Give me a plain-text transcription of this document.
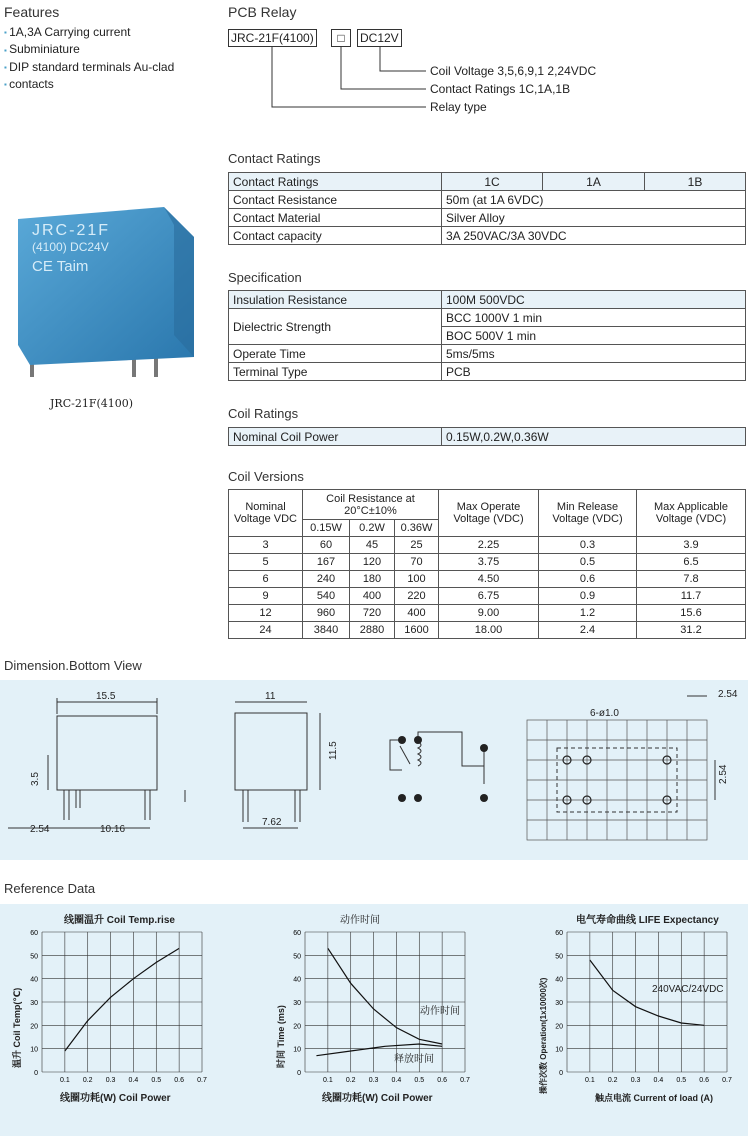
Features
▪ 1A,3A Carrying current
▪ Subminiature
▪ DIP standard terminals Au-clad
▪ contacts
PCB Relay
JRC-21F(4100)	□	DC12V
Coil Voltage 3,5,6,9,1 2,24VDC
Contact Ratings 1C,1A,1B
Relay type
JRC-21F
(4100) DC24V
CE Taim
JRC-21F(4100)
Contact Ratings
Contact Ratings	1C	1A	1B
Contact Resistance	50m (at 1A 6VDC)		
Contact Material	Silver Alloy		
Contact capacity	3A 250VAC/3A 30VDC		
Specification
Insulation Resistance	100M 500VDC
Dielectric Strength	BCC 1000V 1 min
	BOC 500V 1 min
Operate Time	5ms/5ms
Terminal Type	PCB
Coil Ratings
Nominal Coil Power	0.15W,0.2W,0.36W
Coil Versions
Nominal Voltage VDC	Coil Resistance at 20°C±10%			Max Operate Voltage (VDC)	Min Release Voltage (VDC)	Max Applicable Voltage (VDC)
	0.15W	0.2W	0.36W			
3	60	45	25	2.25	0.3	3.9
5	167	120	70	3.75	0.5	6.5
6	240	180	100	4.50	0.6	7.8
9	540	400	220	6.75	0.9	11.7
12	960	720	400	9.00	1.2	15.6
24	3840	2880	1600	18.00	2.4	31.2
Dimension.Bottom View
15.5
3.5
2.54	10.16
11
11.5
7.62
6-ø1.0
2.54
2.54
Reference Data
线圈温升 Coil Temp.rise	动作时间	电气寿命曲线 LIFE Expectancy
温升 Coil Temp(℃)	时间 Time (ms)	操作次数 Operation(1x10000次)
线圈功耗(W) Coil Power	线圈功耗(W) Coil Power	触点电流 Current of load (A)
动作时间
释放时间
240VAC/24VDC
0
10
20
30
40
50
60
0.1 0.2 0.3 0.4 0.5 0.6 0.7
0
10
20
30
40
50
60
0.1 0.2 0.3 0.4 0.5 0.6 0.7
0
10
20
30
40
50
60
0.1 0.2 0.3 0.4 0.5 0.6 0.7
